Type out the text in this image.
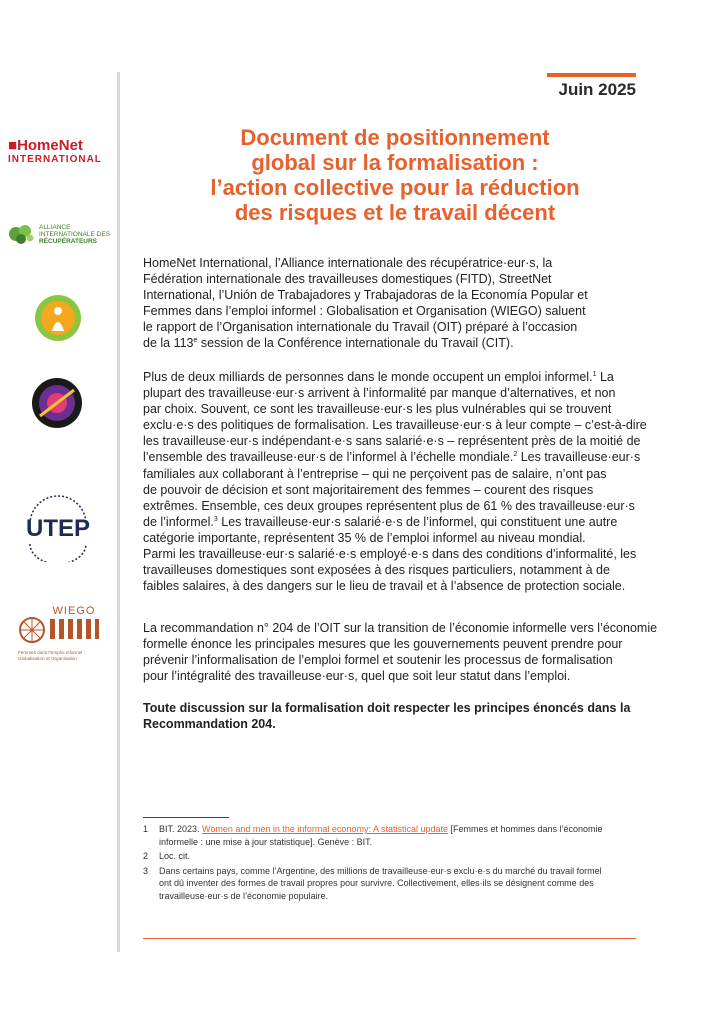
■HomeNet
INTERNATIONAL
ALLIANCE
INTERNATIONALE DES
RÉCUPÉRATEURS
UTEP
WIEGO
Femmes dans l’Emploi Informel :
Globalisation et Organisation
Juin 2025
Document de positionnement
global sur la formalisation :
l’action collective pour la réduction
des risques et le travail décent
HomeNet International, l’Alliance internationale des récupératrice·eur·s, la
Fédération internationale des travailleuses domestiques (FITD), StreetNet
International, l’Unión de Trabajadores y Trabajadoras de la Economía Popular et
Femmes dans l’emploi informel : Globalisation et Organisation (WIEGO) saluent
le rapport de l’Organisation internationale du Travail (OIT) préparé à l’occasion
de la 113e session de la Conférence internationale du Travail (CIT).
Plus de deux milliards de personnes dans le monde occupent un emploi informel.$^1$ La
plupart des travailleuse·eur·s arrivent à l’informalité par manque d’alternatives, et non
par choix. Souvent, ce sont les travailleuse·eur·s les plus vulnérables qui se trouvent
exclu·e·s des politiques de formalisation. Les travailleuse·eur·s à leur compte – c’est-à-dire
les travailleuse·eur·s indépendant·e·s sans salarié·e·s – représentent près de la moitié de
l’ensemble des travailleuse·eur·s de l’informel à l’échelle mondiale.$^2$ Les travailleuse·eur·s
familiales aux collaborant à l’entreprise – qui ne perçoivent pas de salaire, n’ont pas
de pouvoir de décision et sont majoritairement des femmes – courent des risques
extrêmes. Ensemble, ces deux groupes représentent plus de 61 % des travailleuse·eur·s
de l’informel.$^3$ Les travailleuse·eur·s salarié·e·s de l’informel, qui constituent une autre
catégorie importante, représentent 35 % de l’emploi informel au niveau mondial.
Parmi les travailleuse·eur·s salarié·e·s employé·e·s dans des conditions d’informalité, les
travailleuses domestiques sont exposées à des risques particuliers, notamment à de
faibles salaires, à des dangers sur le lieu de travail et à l’absence de protection sociale.
La recommandation n° 204 de l’OIT sur la transition de l’économie informelle vers l’économie
formelle énonce les principales mesures que les gouvernements peuvent prendre pour
prévenir l’informalisation de l’emploi formel et soutenir les processus de formalisation
pour l’intégralité des travailleuse·eur·s, quel que soit leur statut dans l’emploi.
Toute discussion sur la formalisation doit respecter les principes énoncés dans la
Recommandation 204.
1	BIT. 2023. Women and men in the informal economy: A statistical update [Femmes et hommes dans l’économie
informelle : une mise à jour statistique]. Genève : BIT.
2	Loc. cit.
3	Dans certains pays, comme l’Argentine, des millions de travailleuse·eur·s exclu·e·s du marché du travail formel
ont dû inventer des formes de travail propres pour survivre. Collectivement, elles·ils se désignent comme des
travailleuse·eur·s de l’économie populaire.
